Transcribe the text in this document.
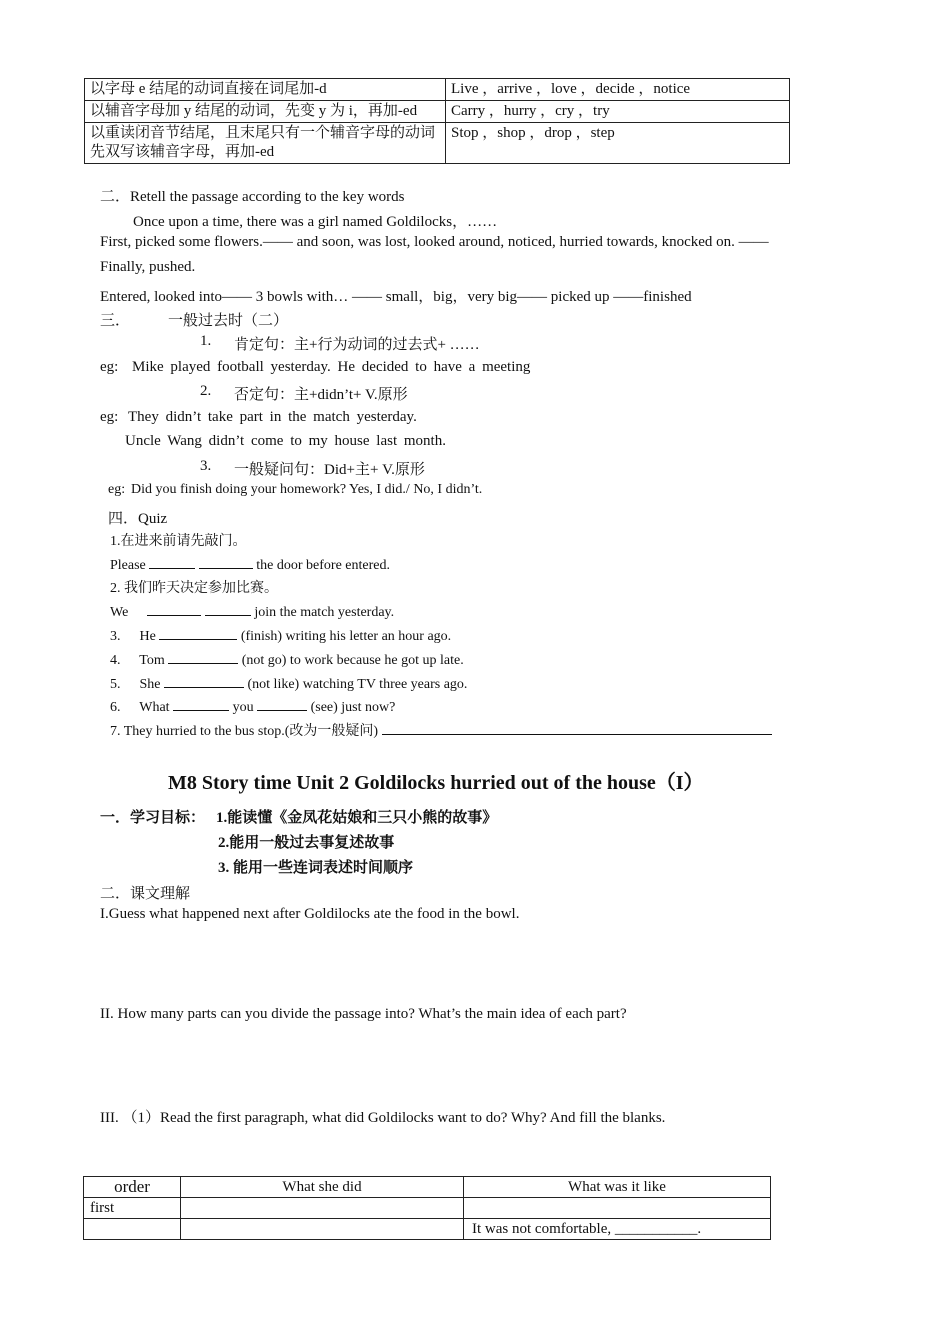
以字母 e 结尾的动词直接在词尾加-d	Live ，arrive ，love ，decide ，notice
以辅音字母加 y 结尾的动词，先变 y 为 i，再加-ed	Carry ，hurry ，cry ，try
以重读闭音节结尾，且末尾只有一个辅音字母的动词先双写该辅音字母，再加-ed	Stop ，shop ，drop ，step
二．Retell the passage according to the key words
Once upon a time, there was a girl named Goldilocks，……
First, picked some flowers.—— and soon, was lost, looked around, noticed, hurried towards, knocked on. ——
Finally, pushed.
Entered, looked into—— 3 bowls with… —— small，big，very big—— picked up ——finished
三．	一般过去时（二）
1. 肯定句：主+行为动词的过去式+ ……
eg: Mike played football yesterday. He decided to have a meeting
2. 否定句：主+didn’t+ V.原形
eg: They didn’t take part in the match yesterday.
Uncle Wang didn’t come to my house last month.
3. 一般疑问句：Did+主+ V.原形
eg: Did you finish doing your homework? Yes, I did./ No, I didn’t.
四．Quiz
1.在进来前请先敲门。
Please	the door before entered.
2. 我们昨天决定参加比赛。
We	join the match yesterday.
3. He	(finish) writing his letter an hour ago.
4. Tom	(not go) to work because he got up late.
5. She	(not like) watching TV three years ago.
6. What	you	(see) just now?
7. They hurried to the bus stop.(改为一般疑问)
M8 Story time Unit 2 Goldilocks hurried out of the house（I）
一．学习目标： 1.能读懂《金凤花姑娘和三只小熊的故事》
2.能用一般过去事复述故事
3. 能用一些连词表述时间顺序
二．课文理解
I.Guess what happened next after Goldilocks ate the food in the bowl.
II. How many parts can you divide the passage into? What’s the main idea of each part?
III. （1）Read the first paragraph, what did Goldilocks want to do? Why? And fill the blanks.
order	What she did	What was it like
first		
		It was not comfortable, ___________.
